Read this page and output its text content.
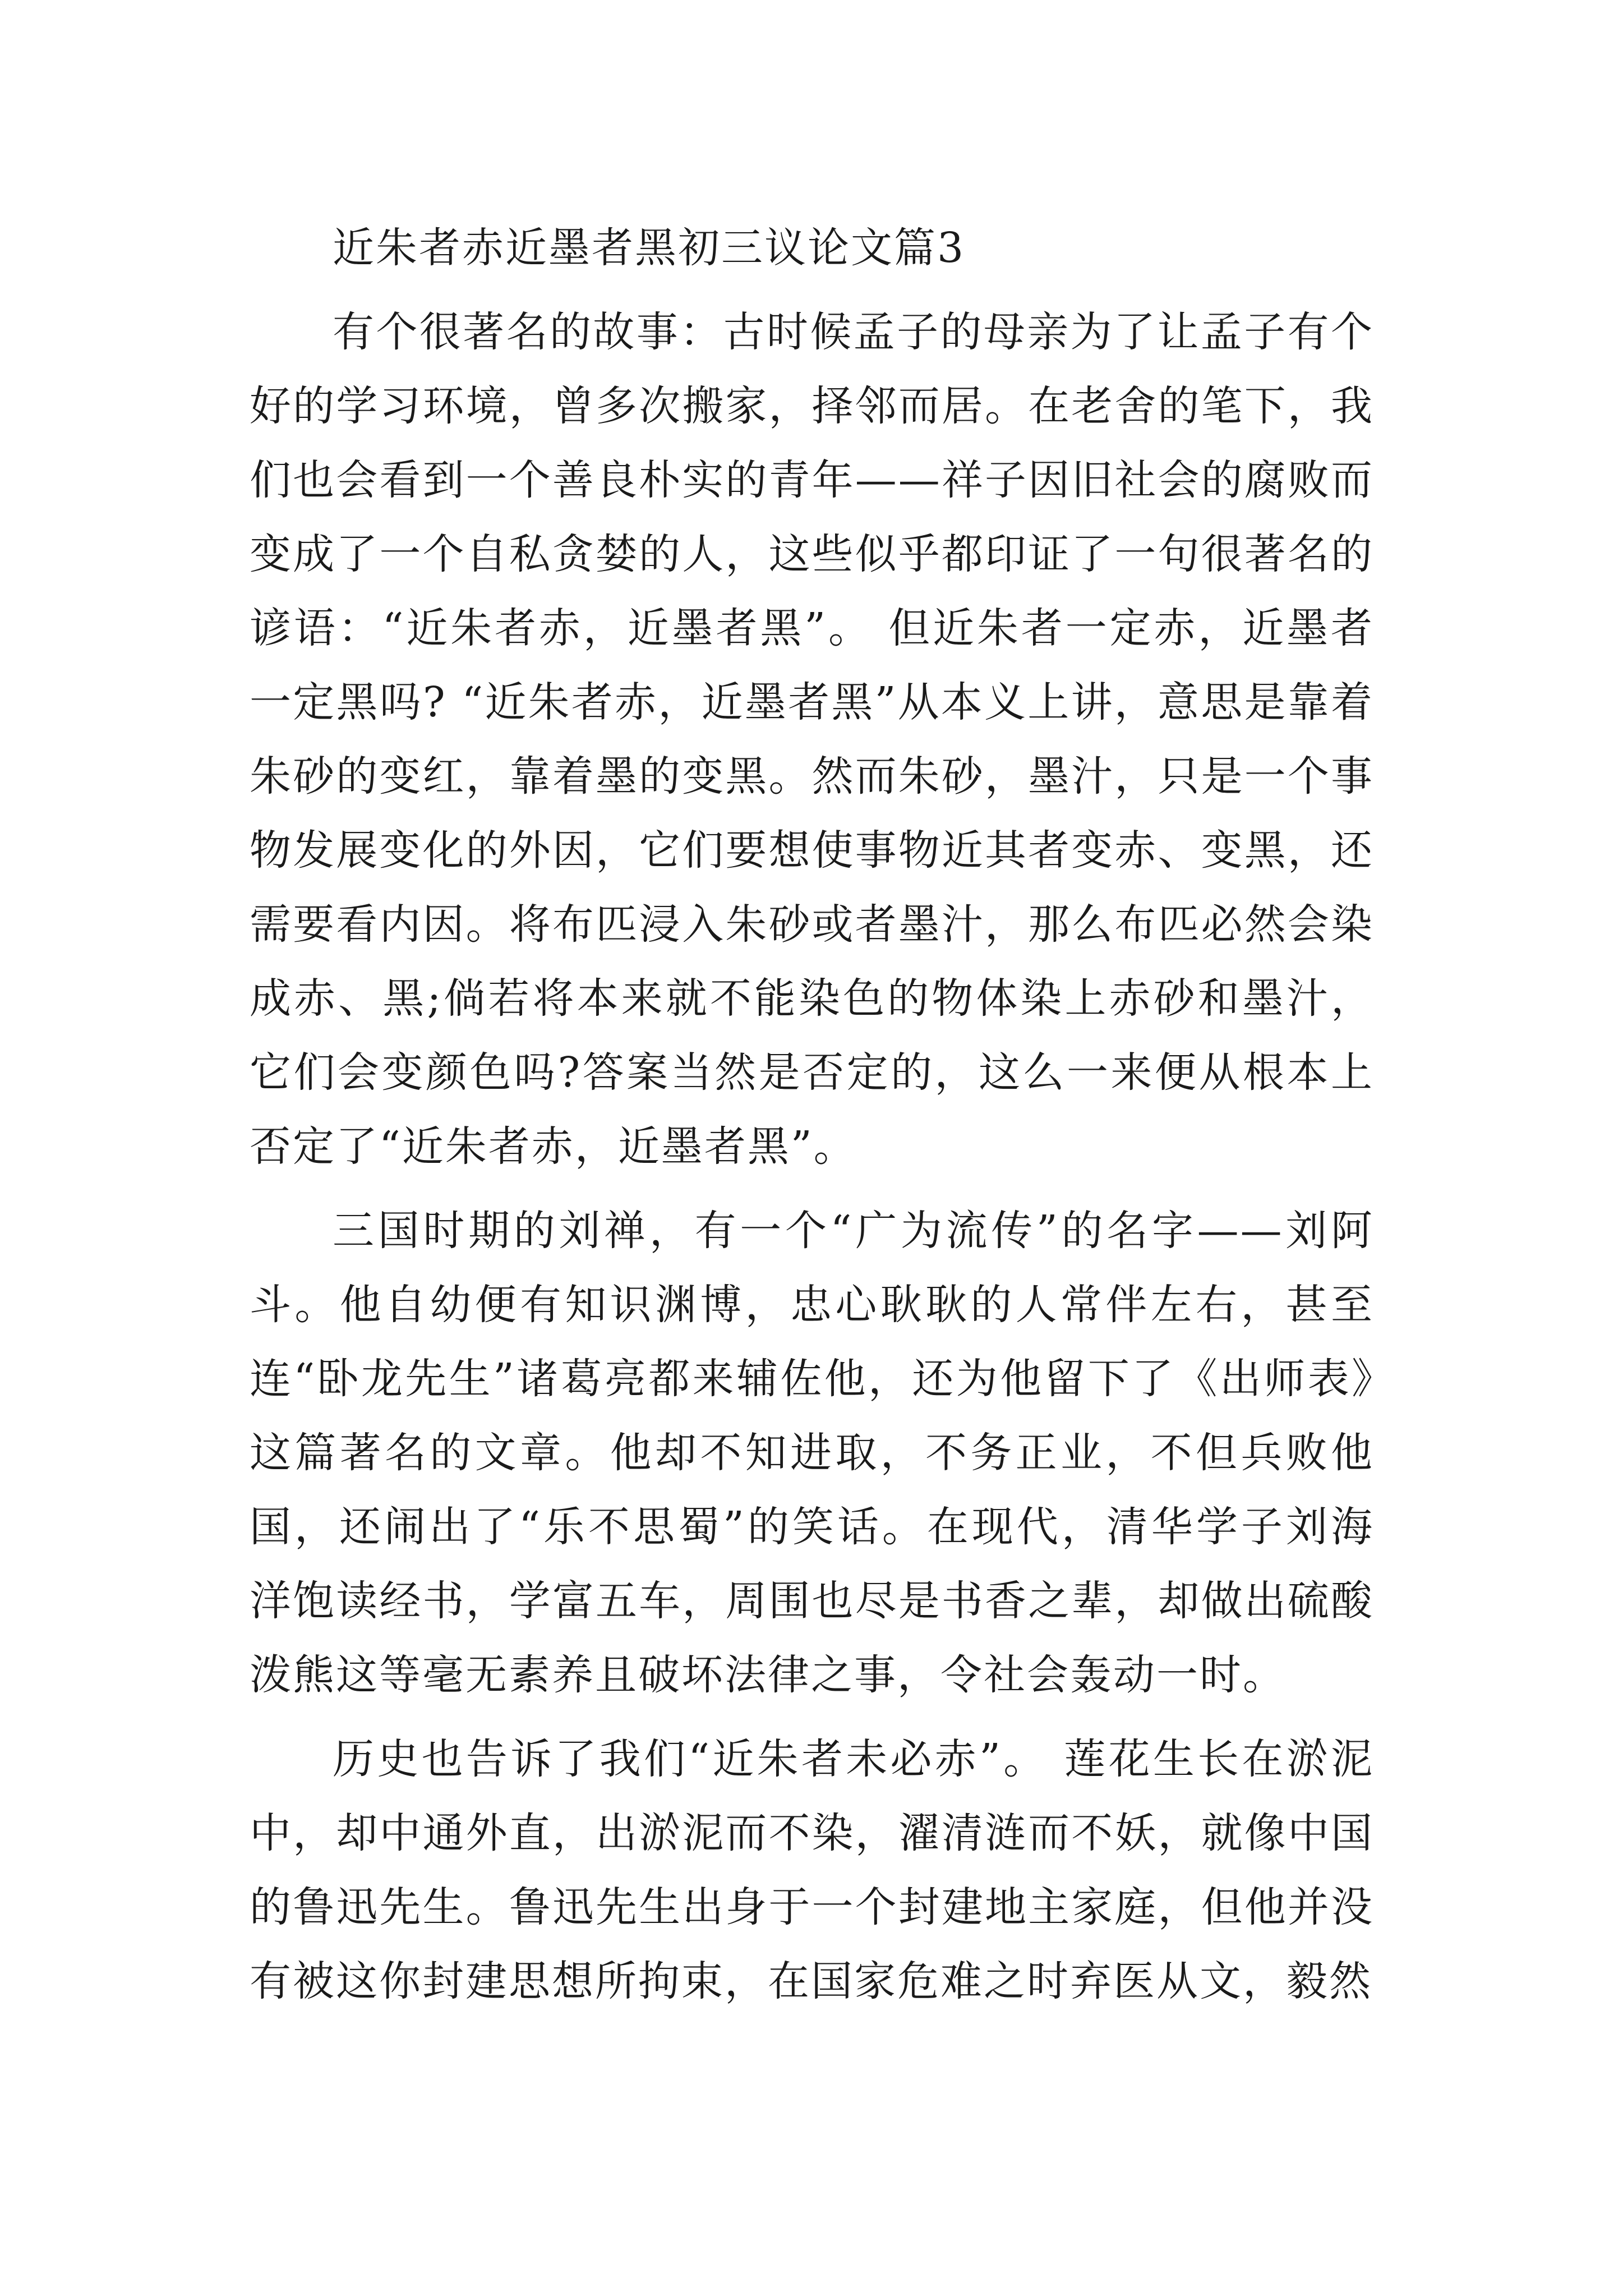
近朱者赤近墨者黑初三议论文篇3

有个很著名的故事：古时候孟子的母亲为了让孟子有个好的学习环境，曾多次搬家，择邻而居。在老舍的笔下，我们也会看到一个善良朴实的青年——祥子因旧社会的腐败而变成了一个自私贪婪的人，这些似乎都印证了一句很著名的谚语：“近朱者赤，近墨者黑”。 但近朱者一定赤，近墨者一定黑吗? “近朱者赤，近墨者黑”从本义上讲，意思是靠着朱砂的变红，靠着墨的变黑。然而朱砂，墨汁，只是一个事物发展变化的外因，它们要想使事物近其者变赤、变黑，还需要看内因。将布匹浸入朱砂或者墨汁，那么布匹必然会染成赤、黑;倘若将本来就不能染色的物体染上赤砂和墨汁，它们会变颜色吗?答案当然是否定的，这么一来便从根本上否定了“近朱者赤，近墨者黑”。

三国时期的刘禅，有一个“广为流传”的名字——刘阿斗。他自幼便有知识渊博，忠心耿耿的人常伴左右，甚至连“卧龙先生”诸葛亮都来辅佐他，还为他留下了《出师表》这篇著名的文章。他却不知进取，不务正业，不但兵败他国，还闹出了“乐不思蜀”的笑话。在现代，清华学子刘海洋饱读经书，学富五车，周围也尽是书香之辈，却做出硫酸泼熊这等毫无素养且破坏法律之事，令社会轰动一时。

历史也告诉了我们“近朱者未必赤”。 莲花生长在淤泥中，却中通外直，出淤泥而不染，濯清涟而不妖，就像中国的鲁迅先生。鲁迅先生出身于一个封建地主家庭，但他并没有被这你封建思想所拘束，在国家危难之时弃医从文，毅然
